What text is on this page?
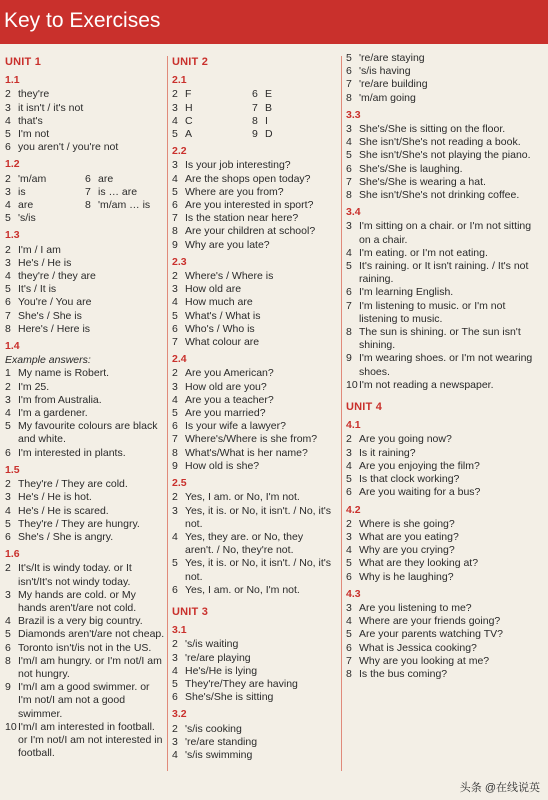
Key to Exercises
UNIT 1
1.1
2 they're
3 it isn't / it's not
4 that's
5 I'm not
6 you aren't / you're not
1.2
2 'm/am	6 are
3 is	7 is … are
4 are	8 'm/am … is
5 's/is
1.3
2 I'm / I am
3 He's / He is
4 they're / they are
5 It's / It is
6 You're / You are
7 She's / She is
8 Here's / Here is
1.4
Example answers:
1 My name is Robert.
2 I'm 25.
3 I'm from Australia.
4 I'm a gardener.
5 My favourite colours are black and white.
6 I'm interested in plants.
1.5
2 They're / They are cold.
3 He's / He is hot.
4 He's / He is scared.
5 They're / They are hungry.
6 She's / She is angry.
1.6
2 It's/It is windy today. or It isn't/It's not windy today.
3 My hands are cold. or My hands aren't/are not cold.
4 Brazil is a very big country.
5 Diamonds aren't/are not cheap.
6 Toronto isn't/is not in the US.
8 I'm/I am hungry. or I'm not/I am not hungry.
9 I'm/I am a good swimmer. or I'm not/I am not a good swimmer.
10 I'm/I am interested in football. or I'm not/I am not interested in football.
UNIT 2
2.1
2 F	6 E
3 H	7 B
4 C	8 I
5 A	9 D
2.2
3 Is your job interesting?
4 Are the shops open today?
5 Where are you from?
6 Are you interested in sport?
7 Is the station near here?
8 Are your children at school?
9 Why are you late?
2.3
2 Where's / Where is
3 How old are
4 How much are
5 What's / What is
6 Who's / Who is
7 What colour are
2.4
2 Are you American?
3 How old are you?
4 Are you a teacher?
5 Are you married?
6 Is your wife a lawyer?
7 Where's/Where is she from?
8 What's/What is her name?
9 How old is she?
2.5
2 Yes, I am. or No, I'm not.
3 Yes, it is. or No, it isn't. / No, it's not.
4 Yes, they are. or No, they aren't. / No, they're not.
5 Yes, it is. or No, it isn't. / No, it's not.
6 Yes, I am. or No, I'm not.
UNIT 3
3.1
2 's/is waiting
3 're/are playing
4 He's/He is lying
5 They're/They are having
6 She's/She is sitting
3.2
2 's/is cooking
3 're/are standing
4 's/is swimming
5 're/are staying
6 's/is having
7 're/are building
8 'm/am going
3.3
3 She's/She is sitting on the floor.
4 She isn't/She's not reading a book.
5 She isn't/She's not playing the piano.
6 She's/She is laughing.
7 She's/She is wearing a hat.
8 She isn't/She's not drinking coffee.
3.4
3 I'm sitting on a chair. or I'm not sitting on a chair.
4 I'm eating. or I'm not eating.
5 It's raining. or It isn't raining. / It's not raining.
6 I'm learning English.
7 I'm listening to music. or I'm not listening to music.
8 The sun is shining. or The sun isn't shining.
9 I'm wearing shoes. or I'm not wearing shoes.
10 I'm not reading a newspaper.
UNIT 4
4.1
2 Are you going now?
3 Is it raining?
4 Are you enjoying the film?
5 Is that clock working?
6 Are you waiting for a bus?
4.2
2 Where is she going?
3 What are you eating?
4 Why are you crying?
5 What are they looking at?
6 Why is he laughing?
4.3
3 Are you listening to me?
4 Where are your friends going?
5 Are your parents watching TV?
6 What is Jessica cooking?
7 Why are you looking at me?
8 Is the bus coming?
头条 @在线说英
